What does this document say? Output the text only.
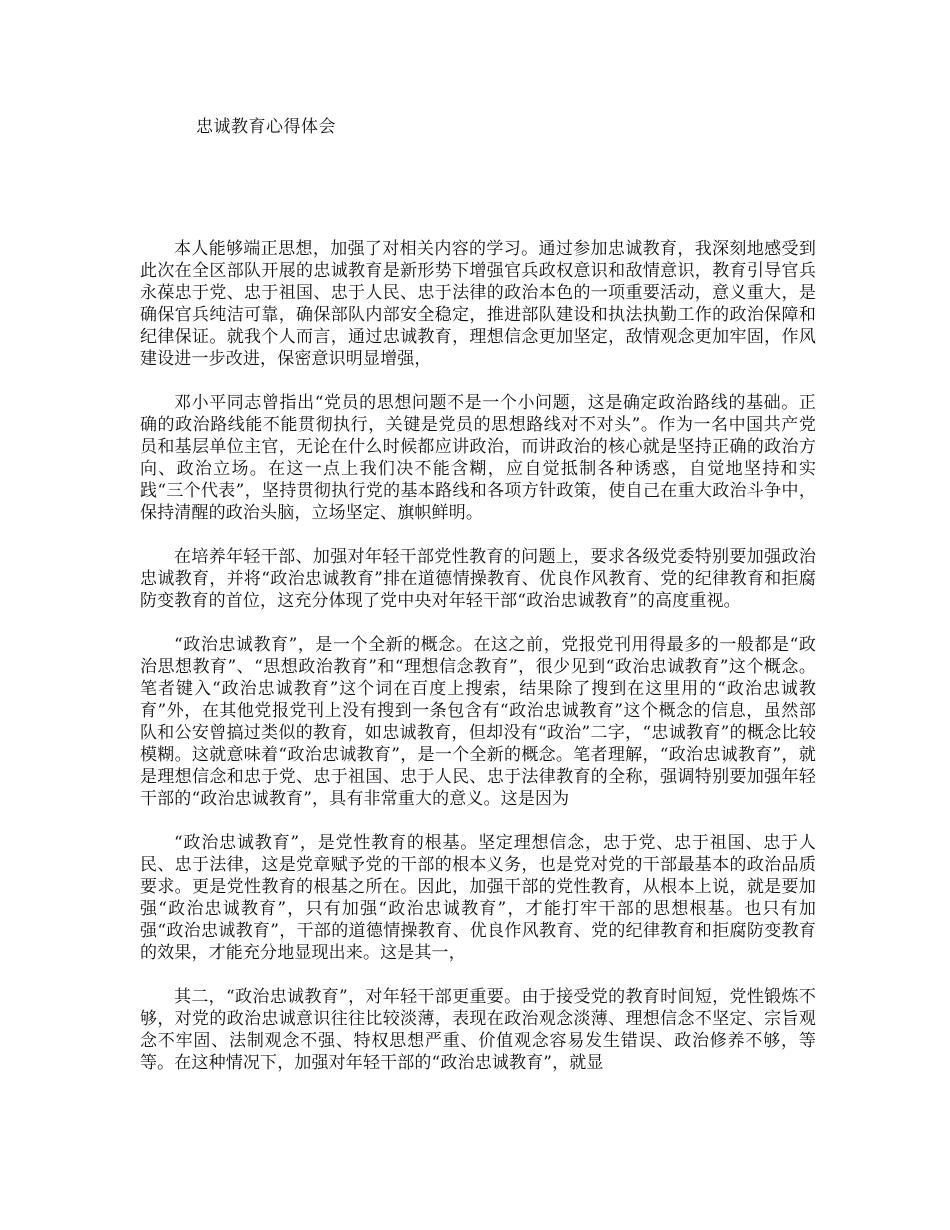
忠诚教育心得体会

本人能够端正思想，加强了对相关内容的学习。通过参加忠诚教育，我深刻地感受到此次在全区部队开展的忠诚教育是新形势下增强官兵政权意识和敌情意识，教育引导官兵永葆忠于党、忠于祖国、忠于人民、忠于法律的政治本色的一项重要活动，意义重大，是确保官兵纯洁可靠，确保部队内部安全稳定，推进部队建设和执法执勤工作的政治保障和纪律保证。就我个人而言，通过忠诚教育，理想信念更加坚定，敌情观念更加牢固，作风建设进一步改进，保密意识明显增强，

邓小平同志曾指出“党员的思想问题不是一个小问题，这是确定政治路线的基础。正确的政治路线能不能贯彻执行，关键是党员的思想路线对不对头”。作为一名中国共产党员和基层单位主官，无论在什么时候都应讲政治，而讲政治的核心就是坚持正确的政治方向、政治立场。在这一点上我们决不能含糊，应自觉抵制各种诱惑，自觉地坚持和实践“三个代表”，坚持贯彻执行党的基本路线和各项方针政策，使自己在重大政治斗争中，保持清醒的政治头脑，立场坚定、旗帜鲜明。

在培养年轻干部、加强对年轻干部党性教育的问题上，要求各级党委特别要加强政治忠诚教育，并将“政治忠诚教育”排在道德情操教育、优良作风教育、党的纪律教育和拒腐防变教育的首位，这充分体现了党中央对年轻干部“政治忠诚教育”的高度重视。

“政治忠诚教育”，是一个全新的概念。在这之前，党报党刊用得最多的一般都是“政治思想教育”、“思想政治教育”和“理想信念教育”，很少见到“政治忠诚教育”这个概念。笔者键入“政治忠诚教育”这个词在百度上搜索，结果除了搜到在这里用的“政治忠诚教育”外，在其他党报党刊上没有搜到一条包含有“政治忠诚教育”这个概念的信息，虽然部队和公安曾搞过类似的教育，如忠诚教育，但却没有“政治”二字，“忠诚教育”的概念比较模糊。这就意味着“政治忠诚教育”，是一个全新的概念。笔者理解，“政治忠诚教育”，就是理想信念和忠于党、忠于祖国、忠于人民、忠于法律教育的全称，强调特别要加强年轻干部的“政治忠诚教育”，具有非常重大的意义。这是因为

“政治忠诚教育”，是党性教育的根基。坚定理想信念，忠于党、忠于祖国、忠于人民、忠于法律，这是党章赋予党的干部的根本义务，也是党对党的干部最基本的政治品质要求。更是党性教育的根基之所在。因此，加强干部的党性教育，从根本上说，就是要加强“政治忠诚教育”，只有加强“政治忠诚教育”，才能打牢干部的思想根基。也只有加强“政治忠诚教育”，干部的道德情操教育、优良作风教育、党的纪律教育和拒腐防变教育的效果，才能充分地显现出来。这是其一，

其二，“政治忠诚教育”，对年轻干部更重要。由于接受党的教育时间短，党性锻炼不够，对党的政治忠诚意识往往比较淡薄，表现在政治观念淡薄、理想信念不坚定、宗旨观念不牢固、法制观念不强、特权思想严重、价值观念容易发生错误、政治修养不够，等等。在这种情况下，加强对年轻干部的“政治忠诚教育”，就显
